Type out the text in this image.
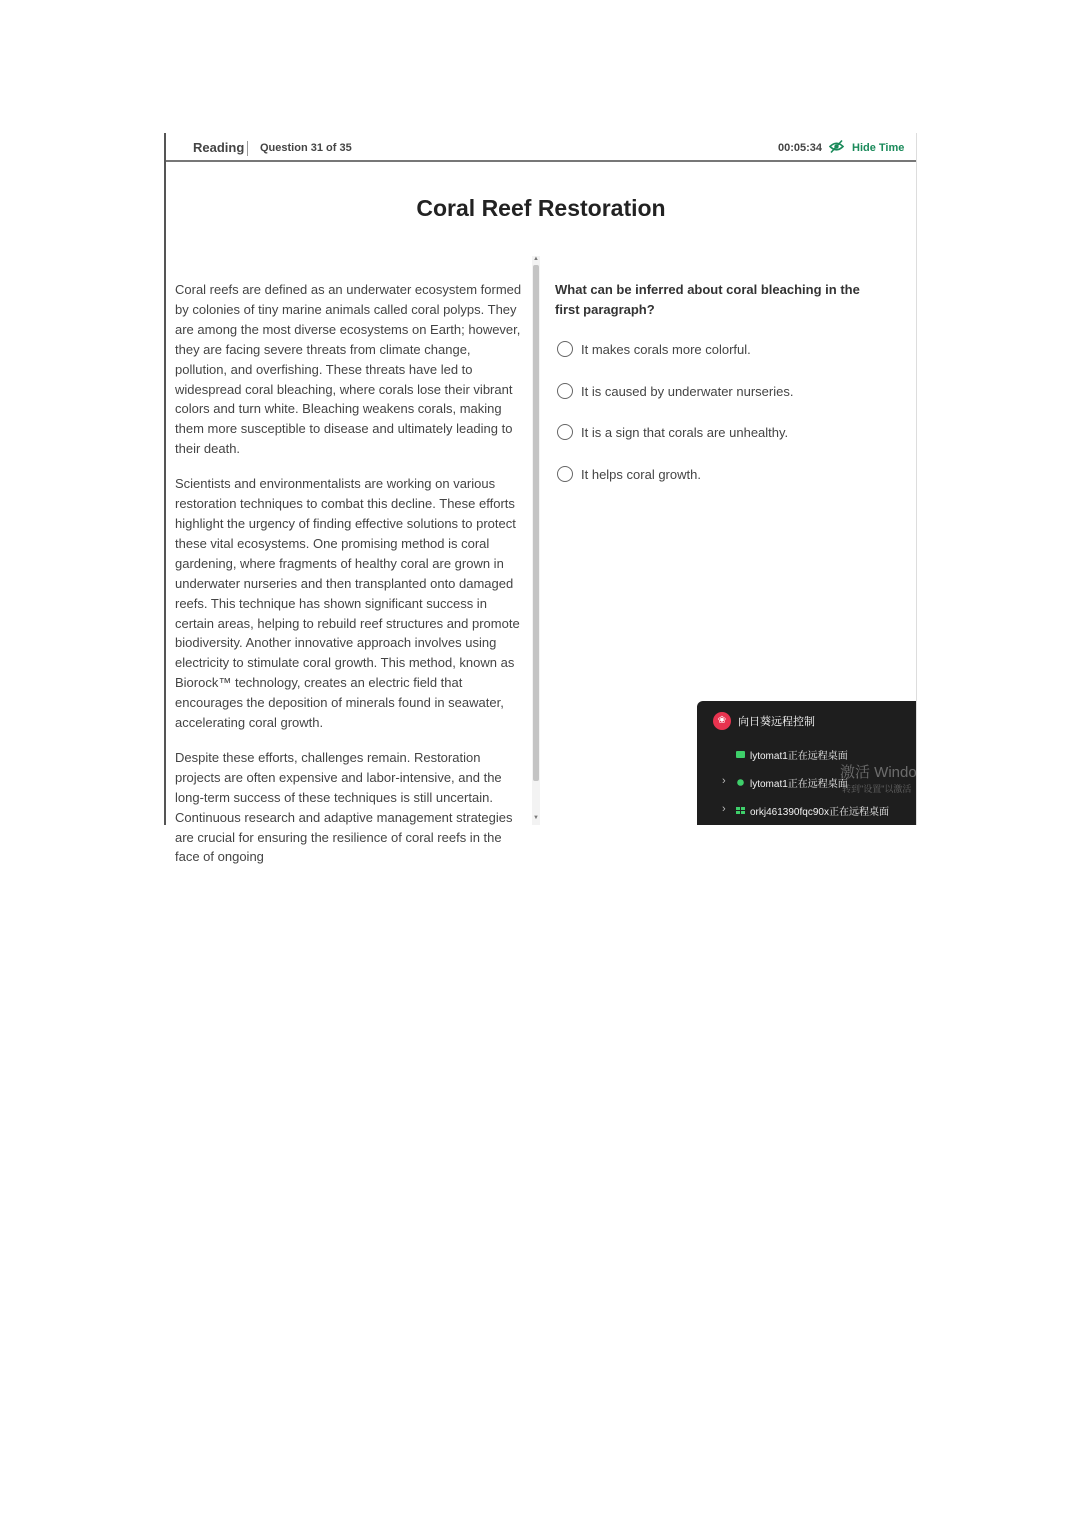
Reading Question 31 of 35	00:05:34	Hide Time
Coral Reef Restoration

Coral reefs are defined as an underwater ecosystem formed by colonies of tiny marine animals called coral polyps. They are among the most diverse ecosystems on Earth; however, they are facing severe threats from climate change, pollution, and overfishing. These threats have led to widespread coral bleaching, where corals lose their vibrant colors and turn white. Bleaching weakens corals, making them more susceptible to disease and ultimately leading to their death.

Scientists and environmentalists are working on various restoration techniques to combat this decline. These efforts highlight the urgency of finding effective solutions to protect these vital ecosystems. One promising method is coral gardening, where fragments of healthy coral are grown in underwater nurseries and then transplanted onto damaged reefs. This technique has shown significant success in certain areas, helping to rebuild reef structures and promote biodiversity. Another innovative approach involves using electricity to stimulate coral growth. This method, known as Biorock™ technology, creates an electric field that encourages the deposition of minerals found in seawater, accelerating coral growth.

Despite these efforts, challenges remain. Restoration projects are often expensive and labor-intensive, and the long-term success of these techniques is still uncertain. Continuous research and adaptive management strategies are crucial for ensuring the resilience of coral reefs in the face of ongoing

▲
▼
What can be inferred about coral bleaching in the first paragraph?
It makes corals more colorful.
It is caused by underwater nurseries.
It is a sign that corals are unhealthy.
It helps coral growth.
❀	向日葵远程控制
lytomat1正在远程桌面
› lytomat1正在远程桌面
› orkj461390fqc90x正在远程桌面
激活 Windows
转到"设置"以激活
